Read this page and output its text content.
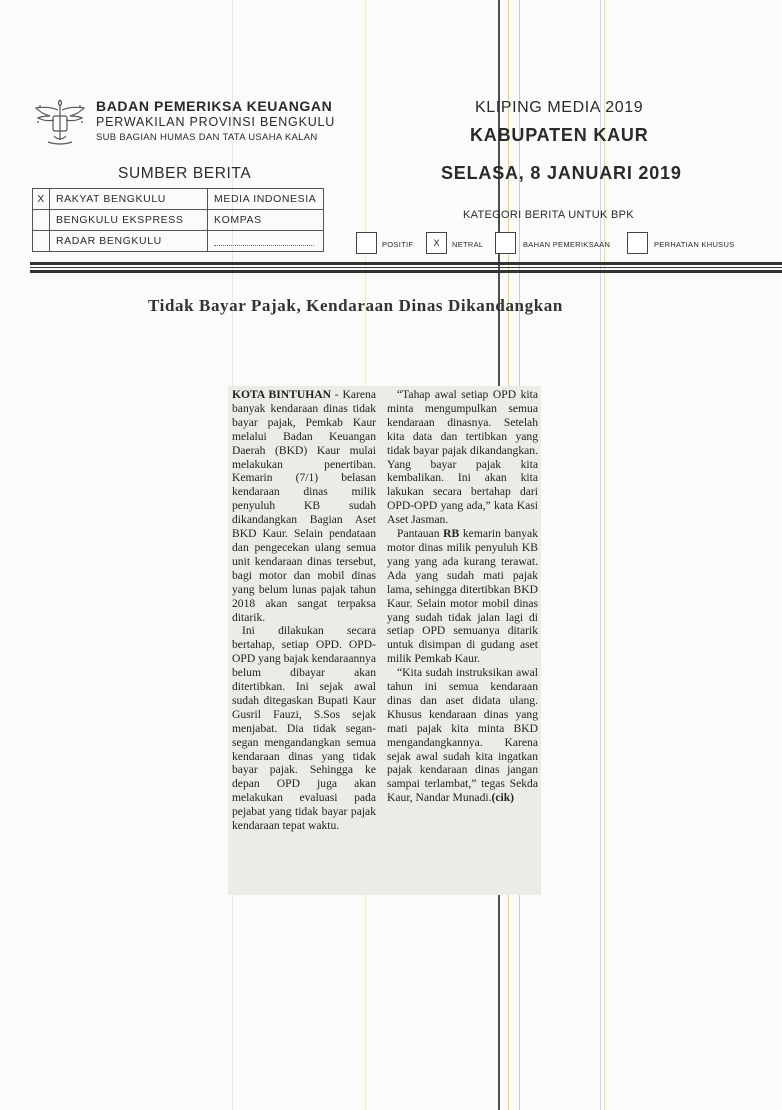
BADAN PEMERIKSA KEUANGAN
PERWAKILAN PROVINSI BENGKULU
SUB BAGIAN HUMAS DAN TATA USAHA KALAN
KLIPING MEDIA 2019
KABUPATEN KAUR
SELASA, 8 JANUARI 2019
SUMBER BERITA
X	RAKYAT BENGKULU	MEDIA INDONESIA
	BENGKULU EKSPRESS	KOMPAS
	RADAR BENGKULU	
KATEGORI BERITA UNTUK BPK
POSITIF	X	NETRAL	BAHAN PEMERIKSAAN	PERHATIAN KHUSUS
Tidak Bayar Pajak, Kendaraan Dinas Dikandangkan

KOTA BINTUHAN - Karena banyak kendaraan dinas tidak bayar pajak, Pemkab Kaur melalui Badan Keuangan Daerah (BKD) Kaur mulai melakukan penertiban. Kemarin (7/1) belasan kendaraan dinas milik penyuluh KB sudah dikandangkan Bagian Aset BKD Kaur. Selain pendataan dan pengecekan ulang semua unit kendaraan dinas tersebut, bagi motor dan mobil dinas yang belum lunas pajak tahun 2018 akan sangat terpaksa ditarik.

Ini dilakukan secara bertahap, setiap OPD. OPD-OPD yang bajak kendaraannya belum dibayar akan ditertibkan. Ini sejak awal sudah ditegaskan Bupati Kaur Gusril Fauzi, S.Sos sejak menjabat. Dia tidak segan-segan mengandangkan semua kendaraan dinas yang tidak bayar pajak. Sehingga ke depan OPD juga akan melakukan evaluasi pada pejabat yang tidak bayar pajak kendaraan tepat waktu.

“Tahap awal setiap OPD kita minta mengumpulkan semua kendaraan dinasnya. Setelah kita data dan tertibkan yang tidak bayar pajak dikandangkan. Yang bayar pajak kita kembalikan. Ini akan kita lakukan secara bertahap dari OPD-OPD yang ada,” kata Kasi Aset Jasman.

Pantauan RB kemarin banyak motor dinas milik penyuluh KB yang yang ada kurang terawat. Ada yang sudah mati pajak lama, sehingga ditertibkan BKD Kaur. Selain motor mobil dinas yang sudah tidak jalan lagi di setiap OPD semuanya ditarik untuk disimpan di gudang aset milik Pemkab Kaur.

“Kita sudah instruksikan awal tahun ini semua kendaraan dinas dan aset didata ulang. Khusus kendaraan dinas yang mati pajak kita minta BKD mengandangkannya. Karena sejak awal sudah kita ingatkan pajak kendaraan dinas jangan sampai terlambat,” tegas Sekda Kaur, Nandar Munadi.(cik)
